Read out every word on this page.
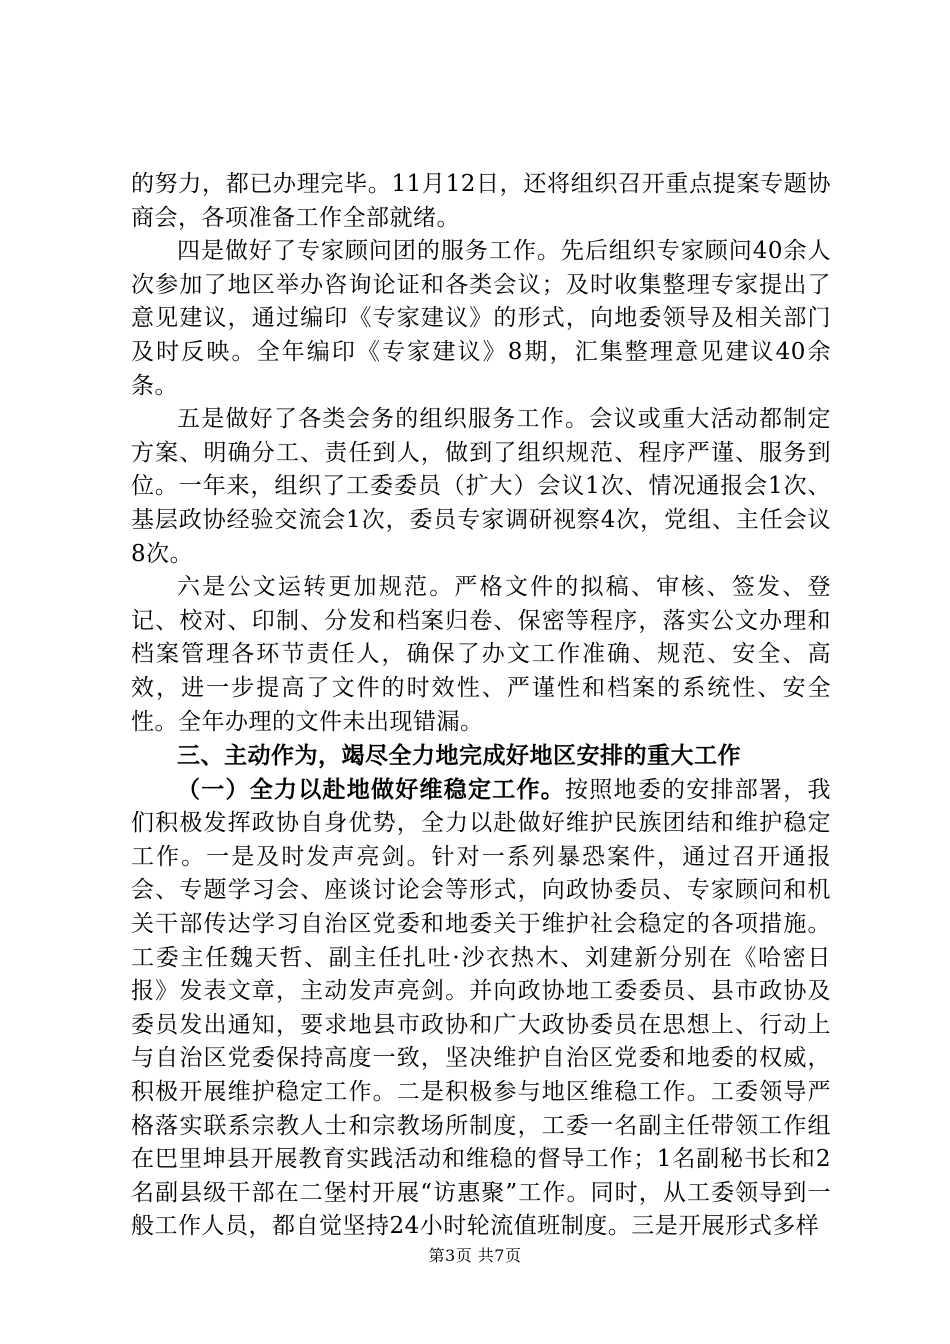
的努力，都已办理完毕。11月12日，还将组织召开重点提案专题协商会，各项准备工作全部就绪。

四是做好了专家顾问团的服务工作。先后组织专家顾问40余人次参加了地区举办咨询论证和各类会议；及时收集整理专家提出了意见建议，通过编印《专家建议》的形式，向地委领导及相关部门及时反映。全年编印《专家建议》8期，汇集整理意见建议40余条。

五是做好了各类会务的组织服务工作。会议或重大活动都制定方案、明确分工、责任到人，做到了组织规范、程序严谨、服务到位。一年来，组织了工委委员（扩大）会议1次、情况通报会1次、基层政协经验交流会1次，委员专家调研视察4次，党组、主任会议8次。

六是公文运转更加规范。严格文件的拟稿、审核、签发、登记、校对、印制、分发和档案归卷、保密等程序，落实公文办理和档案管理各环节责任人，确保了办文工作准确、规范、安全、高效，进一步提高了文件的时效性、严谨性和档案的系统性、安全性。全年办理的文件未出现错漏。

三、主动作为，竭尽全力地完成好地区安排的重大工作

（一）全力以赴地做好维稳定工作。按照地委的安排部署，我们积极发挥政协自身优势，全力以赴做好维护民族团结和维护稳定工作。一是及时发声亮剑。针对一系列暴恐案件，通过召开通报会、专题学习会、座谈讨论会等形式，向政协委员、专家顾问和机关干部传达学习自治区党委和地委关于维护社会稳定的各项措施。工委主任魏天哲、副主任扎吐·沙衣热木、刘建新分别在《哈密日报》发表文章，主动发声亮剑。并向政协地工委委员、县市政协及委员发出通知，要求地县市政协和广大政协委员在思想上、行动上与自治区党委保持高度一致，坚决维护自治区党委和地委的权威，积极开展维护稳定工作。二是积极参与地区维稳工作。工委领导严格落实联系宗教人士和宗教场所制度，工委一名副主任带领工作组在巴里坤县开展教育实践活动和维稳的督导工作；1名副秘书长和2名副县级干部在二堡村开展“访惠聚”工作。同时，从工委领导到一般工作人员，都自觉坚持24小时轮流值班制度。三是开展形式多样

第3页 共7页
